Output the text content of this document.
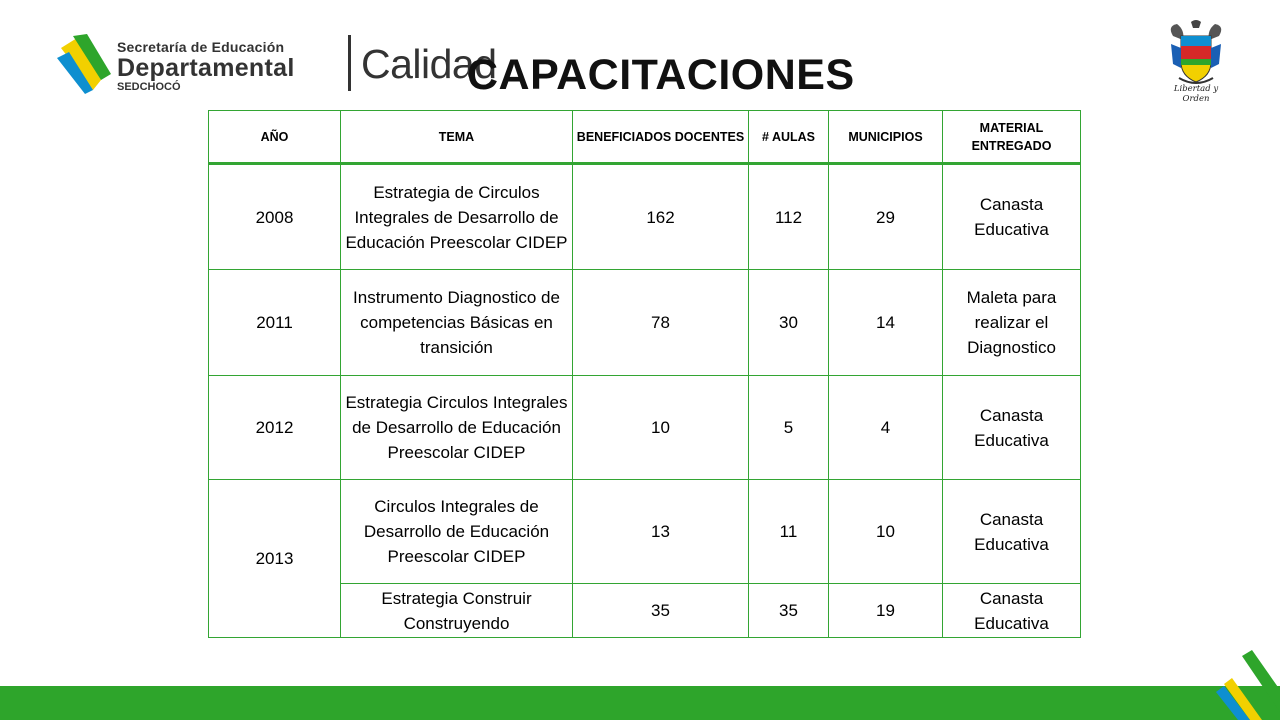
Secretaría de Educación
Departamental
SEDCHOCÓ	Calidad
CAPACITACIONES	Libertad y Orden
AÑO	TEMA	BENEFICIADOS DOCENTES	# AULAS	MUNICIPIOS	MATERIAL ENTREGADO
2008	Estrategia de Circulos Integrales de Desarrollo de Educación Preescolar CIDEP	162	112	29	Canasta Educativa
2011	Instrumento Diagnostico de competencias Básicas en transición	78	30	14	Maleta para realizar el Diagnostico
2012	Estrategia Circulos Integrales de Desarrollo de Educación Preescolar CIDEP	10	5	4	Canasta Educativa
2013	Circulos Integrales de Desarrollo de Educación Preescolar CIDEP	13	11	10	Canasta Educativa
	Estrategia Construir Construyendo	35	35	19	Canasta Educativa
